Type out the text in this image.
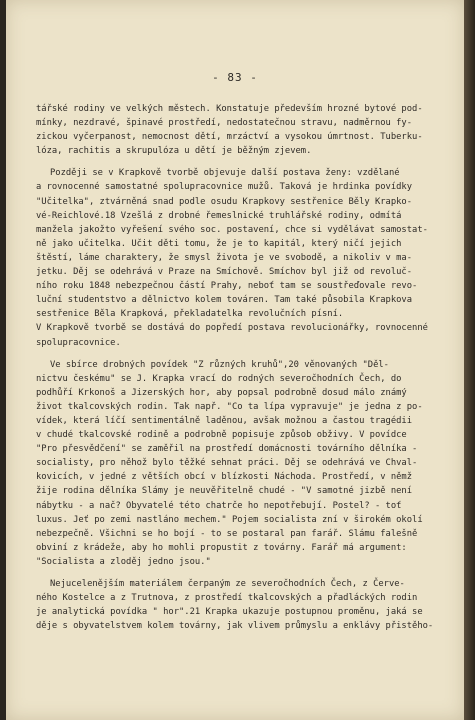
- 83 -
tářské rodiny ve velkých městech. Konstatuje především hrozné bytové pod-
mínky, nezdravé, špinavé prostředí, nedostatečnou stravu, nadměrnou fy-
zickou vyčerpanost, nemocnost dětí, mrzáctví a vysokou úmrtnost. Tuberku-
lóza, rachitis a skrupulóza u dětí je běžným zjevem.
Později se v Krapkově tvorbě objevuje další postava ženy: vzdělané
a rovnocenné samostatné spolupracovnice mužů. Taková je hrdinka povídky
"Učitelka", ztvárněná snad podle osudu Krapkovy sestřenice Běly Krapko-
vé-Reichlové.18 Vzešlá z drobné řemeslnické truhlářské rodiny, odmítá
manžela jakožto vyřešení svého soc. postavení, chce si vydělávat samostat-
ně jako učitelka. Učit děti tomu, že je to kapitál, který ničí jejich
štěstí, láme charaktery, že smysl života je ve svobodě, a nikoliv v ma-
jetku. Děj se odehrává v Praze na Smíchově. Smíchov byl již od revoluč-
ního roku 1848 nebezpečnou částí Prahy, neboť tam se soustřeďovale revo-
luční studentstvo a dělnictvo kolem továren. Tam také působila Krapkova
sestřenice Běla Krapková, překladatelka revolučních písní.
V Krapkově tvorbě se dostává do popředí postava revolucionářky, rovnocenné
spolupracovnice.
Ve sbírce drobných povídek "Z různých kruhů",20 věnovaných "Děl-
nictvu českému" se J. Krapka vrací do rodných severočhodních Čech, do
podhůří Krkonoš a Jizerských hor, aby popsal podrobně dosud málo známý
život tkalcovských rodin. Tak např. "Co ta lípa vypravuje" je jedna z po-
vídek, která líčí sentimentálně laděnou, avšak možnou a častou tragédii
v chudé tkalcovské rodině a podrobně popisuje způsob obživy. V povídce
"Pro přesvědčení" se zaměřil na prostředí domácnosti továrního dělníka -
socialisty, pro něhož bylo těžké sehnat práci. Děj se odehrává ve Chval-
kovicích, v jedné z větších obcí v blízkosti Náchoda. Prostředí, v němž
žije rodina dělníka Slámy je neuvěřitelně chudé - "V samotné jizbě není
nábytku - a nač? Obyvatelé této chatrče ho nepotřebují. Postel? - toť
luxus. Jeť po zemi nastláno mechem." Pojem socialista zní v širokém okolí
nebezpečně. Všichni se ho bojí - to se postaral pan farář. Slámu falešně
obviní z krádeže, aby ho mohli propustit z továrny. Farář má argument:
"Socialista a zloděj jedno jsou."
Nejucelenějším materiálem čerpaným ze severočhodních Čech, z Červe-
ného Kostelce a z Trutnova, z prostředí tkalcovských a přadláckých rodin
je analytická povídka " hor".21 Krapka ukazuje postupnou proměnu, jaká se
děje s obyvatelstvem kolem továrny, jak vlivem průmyslu a enklávy přistěho-
